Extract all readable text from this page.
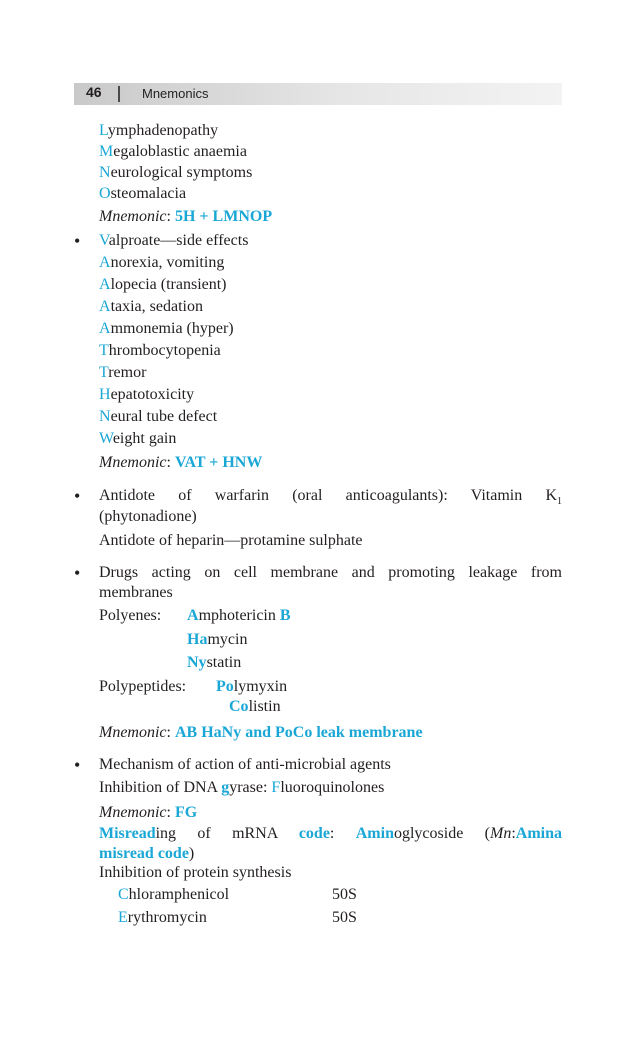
46	Mnemonics
Lymphadenopathy
Megaloblastic anaemia
Neurological symptoms
Osteomalacia
Mnemonic: 5H + LMNOP
• Valproate—side effects
Anorexia, vomiting
Alopecia (transient)
Ataxia, sedation
Ammonemia (hyper)
Thrombocytopenia
Tremor
Hepatotoxicity
Neural tube defect
Weight gain
Mnemonic: VAT + HNW
• Antidote of warfarin (oral anticoagulants): Vitamin $K_1$
(phytonadione)
Antidote of heparin—protamine sulphate
• Drugs acting on cell membrane and promoting leakage from
membranes
Polyenes: Amphotericin B
Hamycin
Nystatin
Polypeptides: Polymyxin
Colistin
Mnemonic: AB HaNy and PoCo leak membrane
• Mechanism of action of anti-microbial agents
Inhibition of DNA gyrase: Fluoroquinolones
Mnemonic: FG
Misreading of mRNA code: Aminoglycoside (Mn:Amina
misread code)
Inhibition of protein synthesis
Chloramphenicol	50S
Erythromycin	50S
